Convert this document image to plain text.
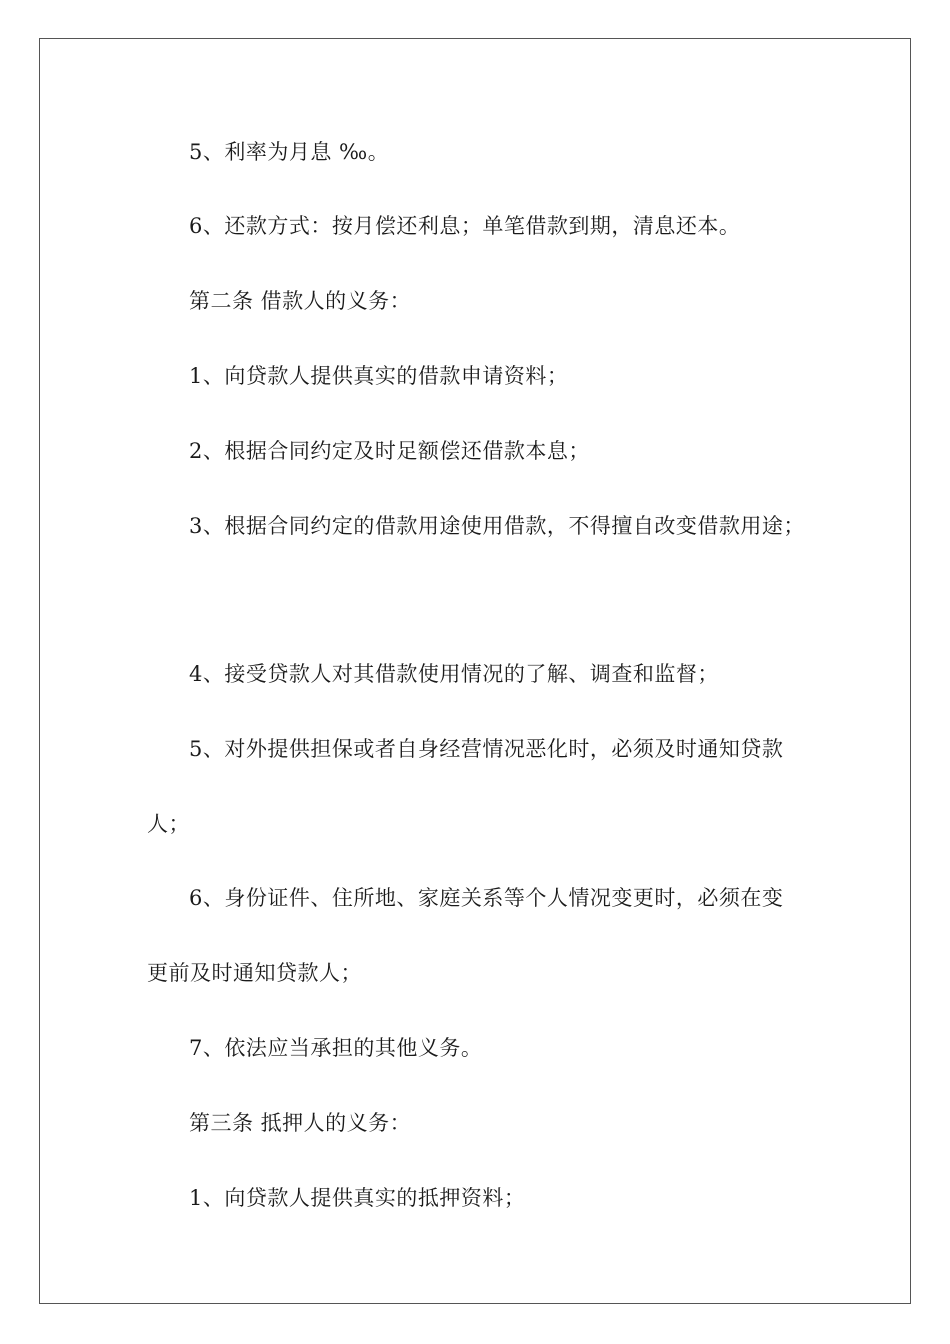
5、利率为月息 ‰。
6、还款方式：按月偿还利息；单笔借款到期，清息还本。
第二条 借款人的义务：
1、向贷款人提供真实的借款申请资料；
2、根据合同约定及时足额偿还借款本息；
3、根据合同约定的借款用途使用借款，不得擅自改变借款用途；
4、接受贷款人对其借款使用情况的了解、调查和监督；
5、对外提供担保或者自身经营情况恶化时，必须及时通知贷款
人；
6、身份证件、住所地、家庭关系等个人情况变更时，必须在变
更前及时通知贷款人；
7、依法应当承担的其他义务。
第三条 抵押人的义务：
1、向贷款人提供真实的抵押资料；
